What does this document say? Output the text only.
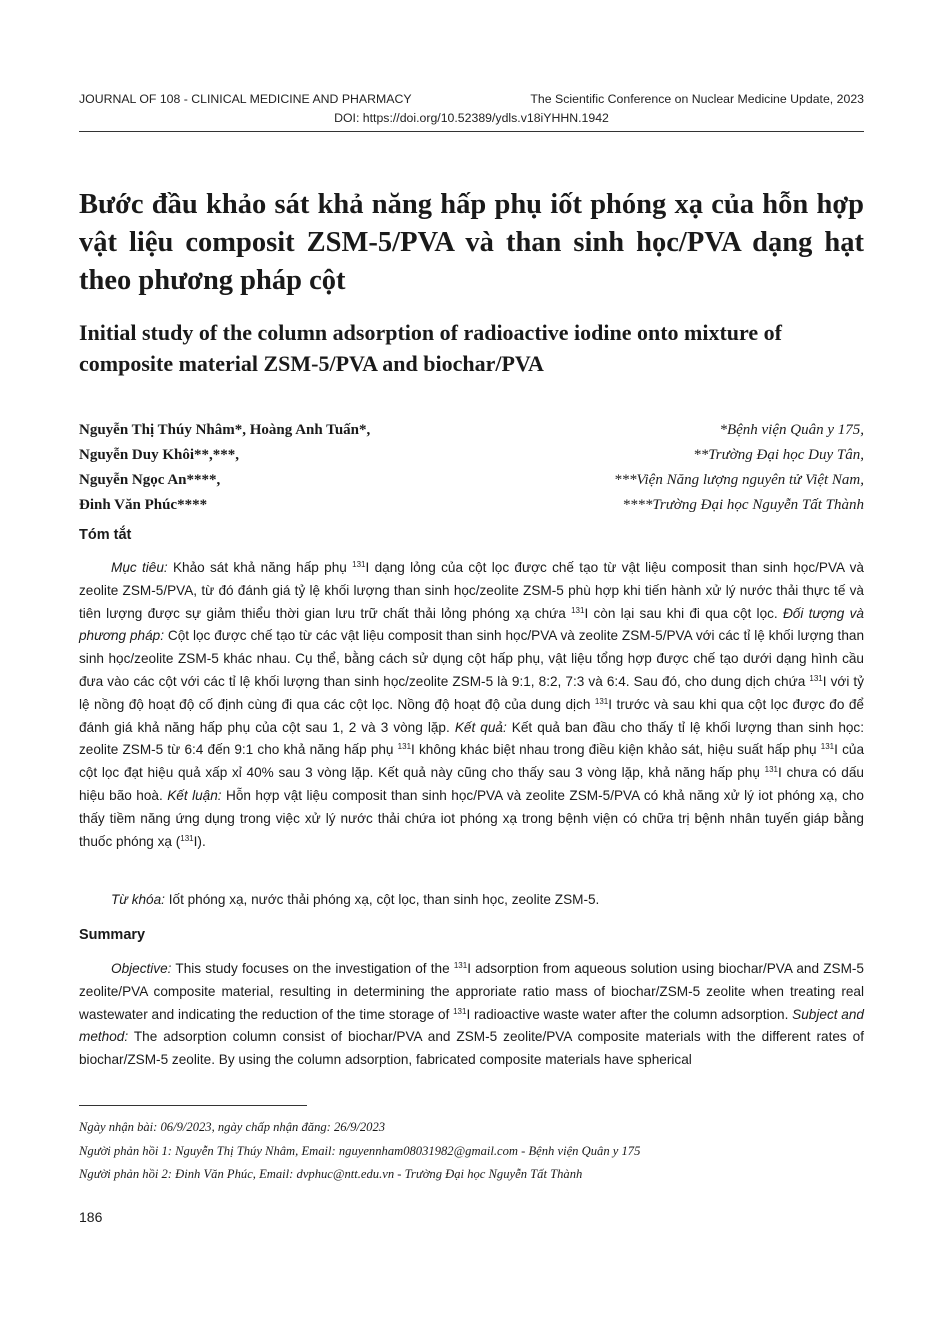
JOURNAL OF 108 - CLINICAL MEDICINE AND PHARMACY	The Scientific Conference on Nuclear Medicine Update, 2023
DOI: https://doi.org/10.52389/ydls.v18iYHHN.1942
Bước đầu khảo sát khả năng hấp phụ iốt phóng xạ của hỗn hợp vật liệu composit ZSM-5/PVA và than sinh học/PVA dạng hạt theo phương pháp cột
Initial study of the column adsorption of radioactive iodine onto mixture of composite material ZSM-5/PVA and biochar/PVA
Nguyễn Thị Thúy Nhâm*, Hoàng Anh Tuấn*,	*Bệnh viện Quân y 175,
Nguyễn Duy Khôi**,***,	**Trường Đại học Duy Tân,
Nguyễn Ngọc An****,	***Viện Năng lượng nguyên tử Việt Nam,
Đinh Văn Phúc****	****Trường Đại học Nguyễn Tất Thành
Tóm tắt

Mục tiêu: Khảo sát khả năng hấp phụ $^{131}$I dạng lỏng của cột lọc được chế tạo từ vật liệu composit than sinh học/PVA và zeolite ZSM-5/PVA, từ đó đánh giá tỷ lệ khối lượng than sinh học/zeolite ZSM-5 phù hợp khi tiến hành xử lý nước thải thực tế và tiên lượng được sự giảm thiểu thời gian lưu trữ chất thải lỏng phóng xạ chứa $^{131}$I còn lại sau khi đi qua cột lọc. Đối tượng và phương pháp: Cột lọc được chế tạo từ các vật liệu composit than sinh học/PVA và zeolite ZSM-5/PVA với các tỉ lệ khối lượng than sinh học/zeolite ZSM-5 khác nhau. Cụ thể, bằng cách sử dụng cột hấp phụ, vật liệu tổng hợp được chế tạo dưới dạng hình cầu đưa vào các cột với các tỉ lệ khối lượng than sinh học/zeolite ZSM-5 là 9:1, 8:2, 7:3 và 6:4. Sau đó, cho dung dịch chứa $^{131}$I với tỷ lệ nồng độ hoạt độ cố định cùng đi qua các cột lọc. Nồng độ hoạt độ của dung dịch $^{131}$I trước và sau khi qua cột lọc được đo để đánh giá khả năng hấp phụ của cột sau 1, 2 và 3 vòng lặp. Kết quả: Kết quả ban đầu cho thấy tỉ lệ khối lượng than sinh học: zeolite ZSM-5 từ 6:4 đến 9:1 cho khả năng hấp phụ $^{131}$I không khác biệt nhau trong điều kiện khảo sát, hiệu suất hấp phụ $^{131}$I của cột lọc đạt hiệu quả xấp xỉ 40% sau 3 vòng lặp. Kết quả này cũng cho thấy sau 3 vòng lặp, khả năng hấp phụ $^{131}$I chưa có dấu hiệu bão hoà. Kết luận: Hỗn hợp vật liệu composit than sinh học/PVA và zeolite ZSM-5/PVA có khả năng xử lý iot phóng xạ, cho thấy tiềm năng ứng dụng trong việc xử lý nước thải chứa iot phóng xạ trong bệnh viện có chữa trị bệnh nhân tuyến giáp bằng thuốc phóng xạ ($^{131}$I).

Từ khóa: Iốt phóng xạ, nước thải phóng xạ, cột lọc, than sinh học, zeolite ZSM-5.

Summary

Objective: This study focuses on the investigation of the $^{131}$I adsorption from aqueous solution using biochar/PVA and ZSM-5 zeolite/PVA composite material, resulting in determining the approriate ratio mass of biochar/ZSM-5 zeolite when treating real wastewater and indicating the reduction of the time storage of $^{131}$I radioactive waste water after the column adsorption. Subject and method: The adsorption column consist of biochar/PVA and ZSM-5 zeolite/PVA composite materials with the different rates of biochar/ZSM-5 zeolite. By using the column adsorption, fabricated composite materials have spherical

Ngày nhận bài: 06/9/2023, ngày chấp nhận đăng: 26/9/2023
Người phản hồi 1: Nguyễn Thị Thúy Nhâm, Email: nguyennham08031982@gmail.com - Bệnh viện Quân y 175
Người phản hồi 2: Đinh Văn Phúc, Email: dvphuc@ntt.edu.vn - Trường Đại học Nguyễn Tất Thành
186
